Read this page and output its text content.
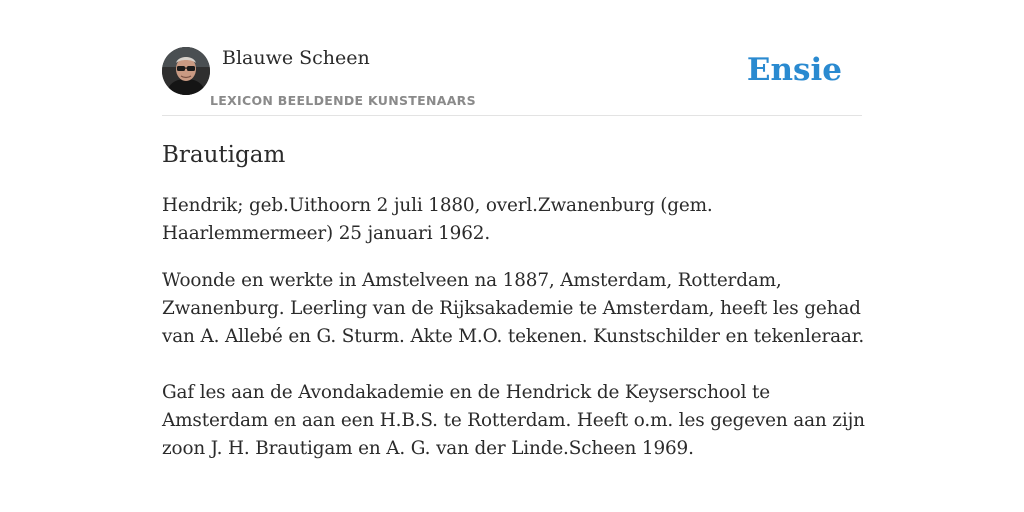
Blauwe Scheen
LEXICON BEELDENDE KUNSTENAARS
Ensie
Brautigam

Hendrik; geb.Uithoorn 2 juli 1880, overl.Zwanenburg (gem. Haarlemmermeer) 25 januari 1962.

Woonde en werkte in Amstelveen na 1887, Amsterdam, Rotterdam, Zwanenburg. Leerling van de Rijksakademie te Amsterdam, heeft les gehad van A. Allebé en G. Sturm. Akte M.O. tekenen. Kunstschilder en tekenleraar.

Gaf les aan de Avondakademie en de Hendrick de Keyserschool te Amsterdam en aan een H.B.S. te Rotterdam. Heeft o.m. les gegeven aan zijn zoon J. H. Brautigam en A. G. van der Linde.Scheen 1969.
